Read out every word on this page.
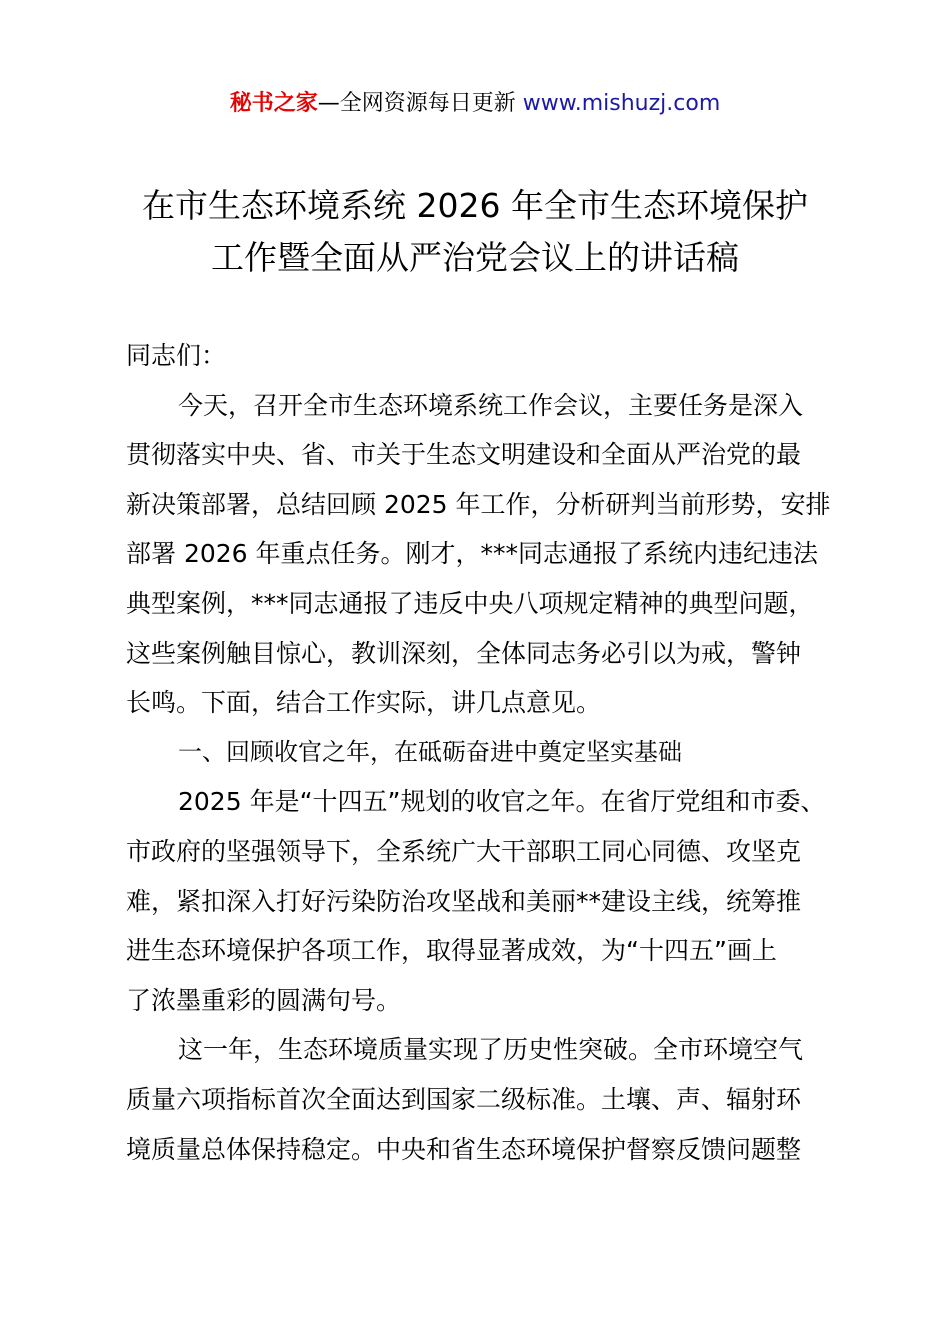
秘书之家—全网资源每日更新 www.mishuzj.com
在市生态环境系统 2026 年全市生态环境保护
工作暨全面从严治党会议上的讲话稿

同志们：

今天，召开全市生态环境系统工作会议，主要任务是深入

贯彻落实中央、省、市关于生态文明建设和全面从严治党的最

新决策部署，总结回顾 2025 年工作，分析研判当前形势，安排

部署 2026 年重点任务。刚才，***同志通报了系统内违纪违法

典型案例，***同志通报了违反中央八项规定精神的典型问题，

这些案例触目惊心，教训深刻，全体同志务必引以为戒，警钟

长鸣。下面，结合工作实际，讲几点意见。

一、回顾收官之年，在砥砺奋进中奠定坚实基础

2025 年是“十四五”规划的收官之年。在省厅党组和市委、

市政府的坚强领导下，全系统广大干部职工同心同德、攻坚克

难，紧扣深入打好污染防治攻坚战和美丽**建设主线，统筹推

进生态环境保护各项工作，取得显著成效，为“十四五”画上

了浓墨重彩的圆满句号。

这一年，生态环境质量实现了历史性突破。全市环境空气

质量六项指标首次全面达到国家二级标准。土壤、声、辐射环

境质量总体保持稳定。中央和省生态环境保护督察反馈问题整
